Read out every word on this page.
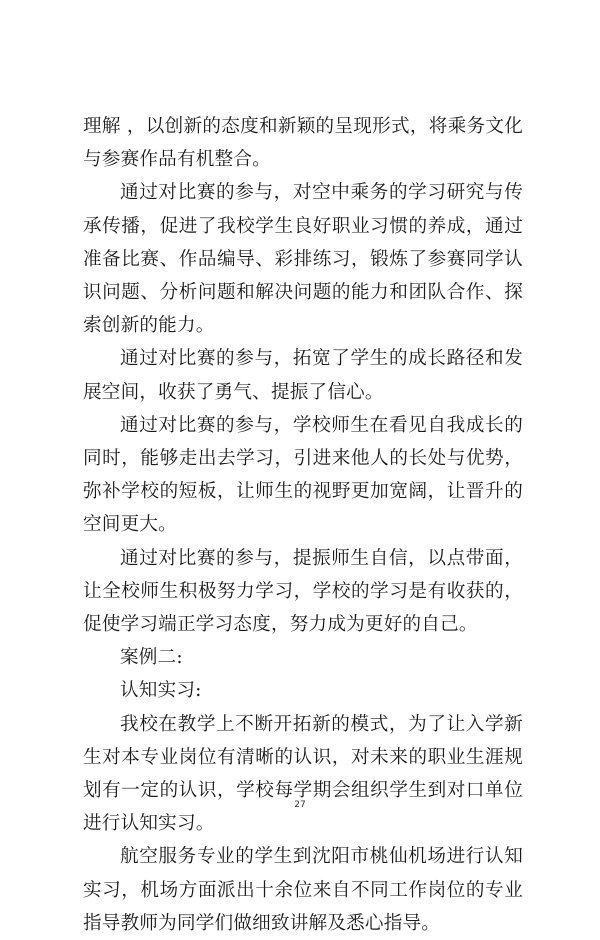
理解 ，以创新的态度和新颖的呈现形式，将乘务文化与参赛作品有机整合。

通过对比赛的参与，对空中乘务的学习研究与传承传播，促进了我校学生良好职业习惯的养成，通过准备比赛、作品编导、彩排练习，锻炼了参赛同学认识问题、分析问题和解决问题的能力和团队合作、探索创新的能力。

通过对比赛的参与，拓宽了学生的成长路径和发展空间，收获了勇气、提振了信心。

通过对比赛的参与，学校师生在看见自我成长的同时，能够走出去学习，引进来他人的长处与优势，弥补学校的短板，让师生的视野更加宽阔，让晋升的空间更大。

通过对比赛的参与，提振师生自信，以点带面，让全校师生积极努力学习，学校的学习是有收获的，促使学习端正学习态度，努力成为更好的自己。

案例二:

认知实习:

我校在教学上不断开拓新的模式，为了让入学新生对本专业岗位有清晰的认识，对未来的职业生涯规划有一定的认识，学校每学期会组织学生到对口单位进行认知实习。

航空服务专业的学生到沈阳市桃仙机场进行认知实习，机场方面派出十余位来自不同工作岗位的专业指导教师为同学们做细致讲解及悉心指导。

27
